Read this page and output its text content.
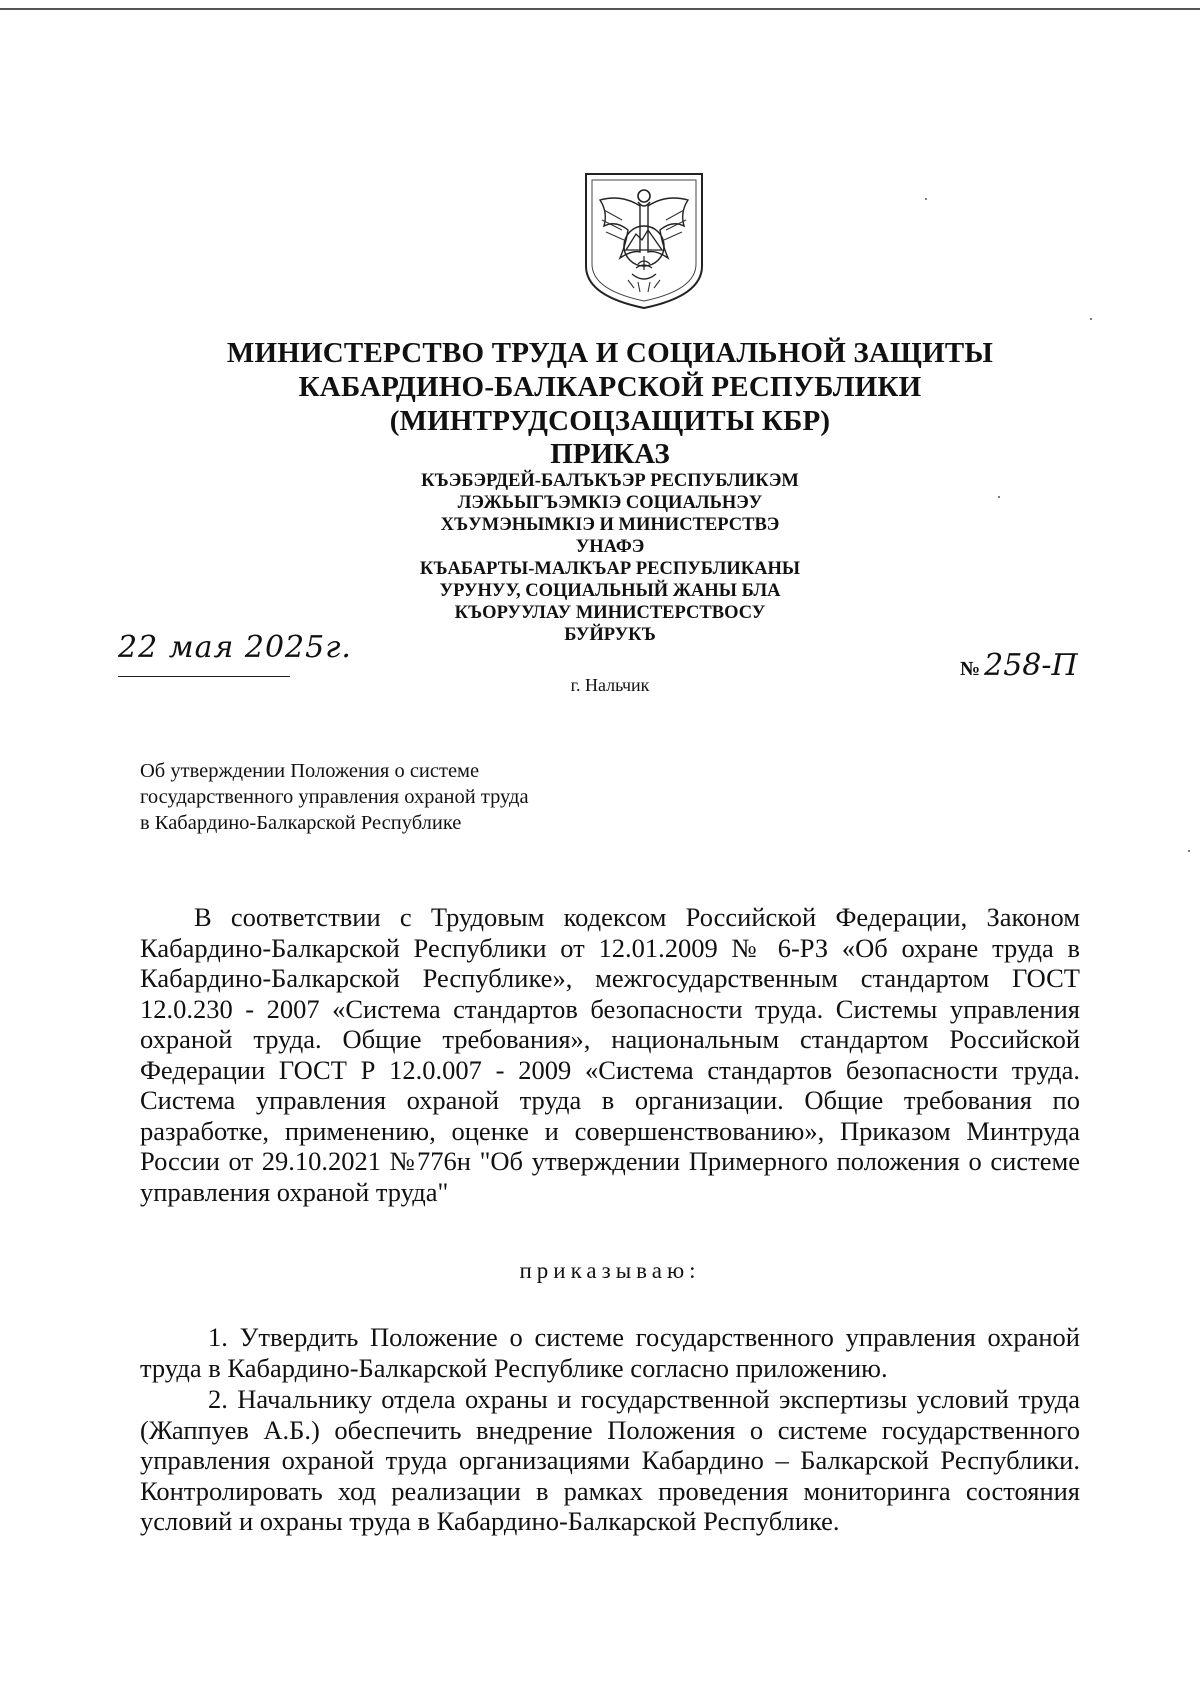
МИНИСТЕРСТВО ТРУДА И СОЦИАЛЬНОЙ ЗАЩИТЫ
КАБАРДИНО-БАЛКАРСКОЙ РЕСПУБЛИКИ
(МИНТРУДСОЦЗАЩИТЫ КБР)
ПРИКАЗ
КЪЭБЭРДЕЙ-БАЛЪКЪЭР РЕСПУБЛИКЭМ
ЛЭЖЬЫГЪЭМКIЭ СОЦИАЛЬНЭУ
ХЪУМЭНЫМКIЭ И МИНИСТЕРСТВЭ
УНАФЭ
КЪАБАРТЫ-МАЛКЪАР РЕСПУБЛИКАНЫ
УРУНУУ, СОЦИАЛЬНЫЙ ЖАНЫ БЛА
КЪОРУУЛАУ МИНИСТЕРСТВОСУ
БУЙРУКЪ
22 мая 2025г.
№ 258-П
г. Нальчик
Об утверждении Положения о системе
государственного управления охраной труда
в Кабардино-Балкарской Республике

В соответствии с Трудовым кодексом Российской Федерации, Законом Кабардино-Балкарской Республики от 12.01.2009 № 6-РЗ «Об охране труда в Кабардино-Балкарской Республике», межгосударственным стандартом ГОСТ 12.0.230 - 2007 «Система стандартов безопасности труда. Системы управления охраной труда. Общие требования», национальным стандартом Российской Федерации ГОСТ Р 12.0.007 - 2009 «Система стандартов безопасности труда. Система управления охраной труда в организации. Общие требования по разработке, применению, оценке и совершенствованию», Приказом Минтруда России от 29.10.2021 №776н "Об утверждении Примерного положения о системе управления охраной труда"

приказываю:

1. Утвердить Положение о системе государственного управления охраной труда в Кабардино-Балкарской Республике согласно приложению.

2. Начальнику отдела охраны и государственной экспертизы условий труда (Жаппуев А.Б.) обеспечить внедрение Положения о системе государственного управления охраной труда организациями Кабардино – Балкарской Республики. Контролировать ход реализации в рамках проведения мониторинга состояния условий и охраны труда в Кабардино-Балкарской Республике.
